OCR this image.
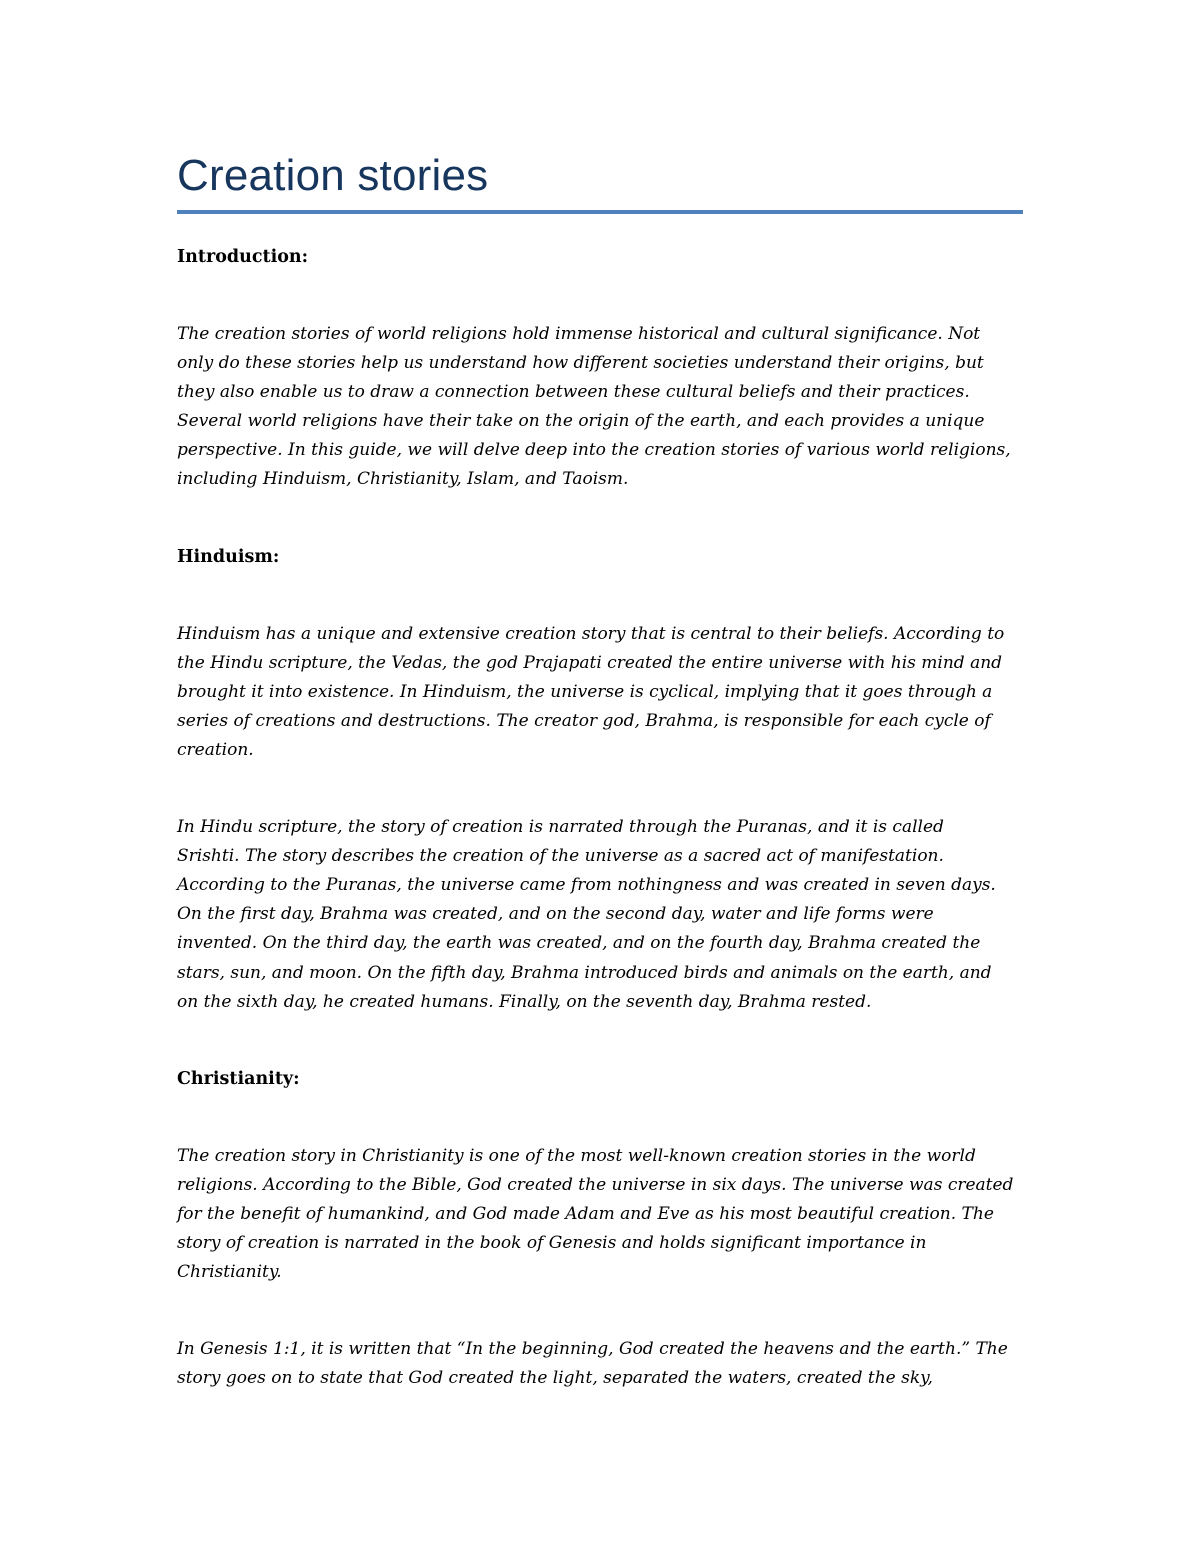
Creation stories

Introduction:

The creation stories of world religions hold immense historical and cultural significance. Not
only do these stories help us understand how different societies understand their origins, but
they also enable us to draw a connection between these cultural beliefs and their practices.
Several world religions have their take on the origin of the earth, and each provides a unique
perspective. In this guide, we will delve deep into the creation stories of various world religions,
including Hinduism, Christianity, Islam, and Taoism.

Hinduism:

Hinduism has a unique and extensive creation story that is central to their beliefs. According to
the Hindu scripture, the Vedas, the god Prajapati created the entire universe with his mind and
brought it into existence. In Hinduism, the universe is cyclical, implying that it goes through a
series of creations and destructions. The creator god, Brahma, is responsible for each cycle of
creation.

In Hindu scripture, the story of creation is narrated through the Puranas, and it is called
Srishti. The story describes the creation of the universe as a sacred act of manifestation.
According to the Puranas, the universe came from nothingness and was created in seven days.
On the first day, Brahma was created, and on the second day, water and life forms were
invented. On the third day, the earth was created, and on the fourth day, Brahma created the
stars, sun, and moon. On the fifth day, Brahma introduced birds and animals on the earth, and
on the sixth day, he created humans. Finally, on the seventh day, Brahma rested.

Christianity:

The creation story in Christianity is one of the most well-known creation stories in the world
religions. According to the Bible, God created the universe in six days. The universe was created
for the benefit of humankind, and God made Adam and Eve as his most beautiful creation. The
story of creation is narrated in the book of Genesis and holds significant importance in
Christianity.

In Genesis 1:1, it is written that “In the beginning, God created the heavens and the earth.” The
story goes on to state that God created the light, separated the waters, created the sky,
